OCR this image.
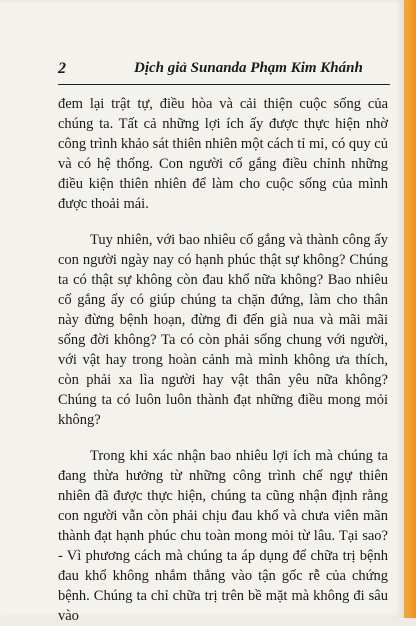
2	Dịch giả Sunanda Phạm Kim Khánh

đem lại trật tự, điều hòa và cải thiện cuộc sống của chúng ta. Tất cả những lợi ích ấy được thực hiện nhờ công trình khảo sát thiên nhiên một cách tỉ mỉ, có quy củ và có hệ thống. Con người cố gắng điều chỉnh những điều kiện thiên nhiên để làm cho cuộc sống của mình được thoải mái.

Tuy nhiên, với bao nhiêu cố gắng và thành công ấy con người ngày nay có hạnh phúc thật sự không? Chúng ta có thật sự không còn đau khổ nữa không? Bao nhiêu cố gắng ấy có giúp chúng ta chặn đứng, làm cho thân này đừng bệnh hoạn, đừng đi đến già nua và mãi mãi sống đời không? Ta có còn phải sống chung với người, với vật hay trong hoàn cảnh mà mình không ưa thích, còn phải xa lìa người hay vật thân yêu nữa không? Chúng ta có luôn luôn thành đạt những điều mong mỏi không?

Trong khi xác nhận bao nhiêu lợi ích mà chúng ta đang thừa hưởng từ những công trình chế ngự thiên nhiên đã được thực hiện, chúng ta cũng nhận định rằng con người vẫn còn phải chịu đau khổ và chưa viên mãn thành đạt hạnh phúc chu toàn mong mỏi từ lâu. Tại sao? - Vì phương cách mà chúng ta áp dụng để chữa trị bệnh đau khổ không nhắm thẳng vào tận gốc rễ của chứng bệnh. Chúng ta chỉ chữa trị trên bề mặt mà không đi sâu vào
